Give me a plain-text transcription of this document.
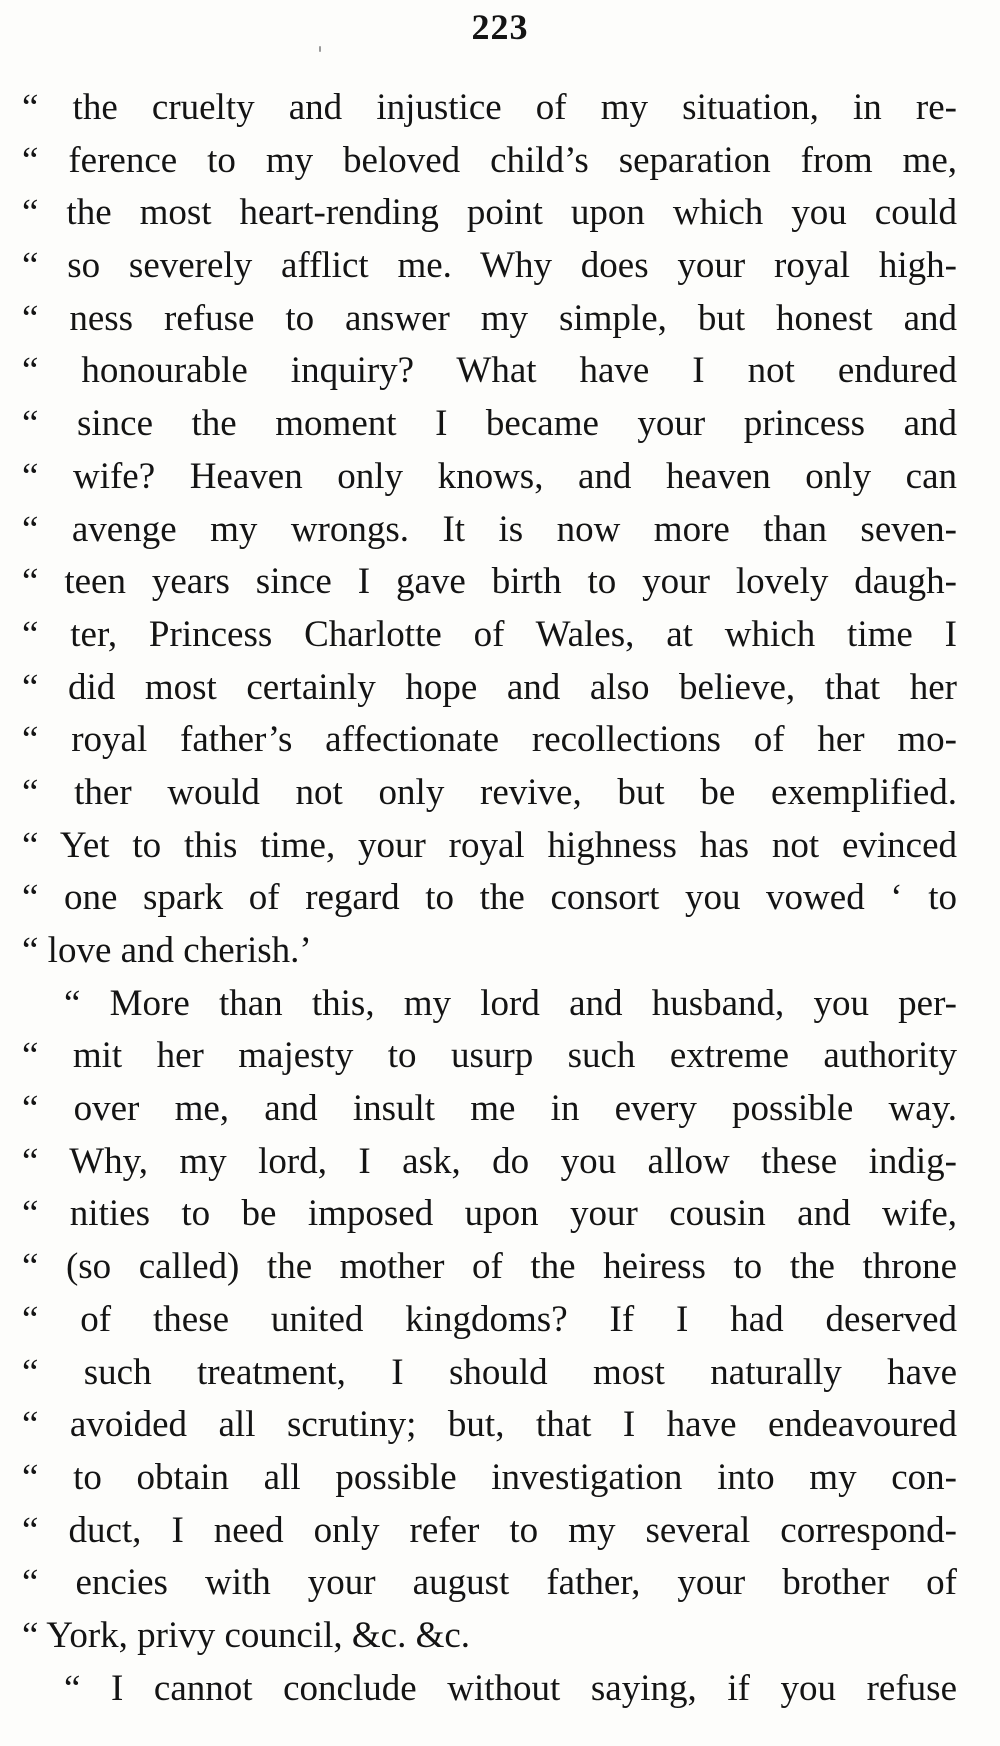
223
“ the cruelty and injustice of my situation, in re-
“ ference to my beloved child’s separation from me,
“ the most heart-rending point upon which you could
“ so severely afflict me. Why does your royal high-
“ ness refuse to answer my simple, but honest and
“ honourable inquiry? What have I not endured
“ since the moment I became your princess and
“ wife? Heaven only knows, and heaven only can
“ avenge my wrongs. It is now more than seven-
“ teen years since I gave birth to your lovely daugh-
“ ter, Princess Charlotte of Wales, at which time I
“ did most certainly hope and also believe, that her
“ royal father’s affectionate recollections of her mo-
“ ther would not only revive, but be exemplified.
“ Yet to this time, your royal highness has not evinced
“ one spark of regard to the consort you vowed ‘ to
“ love and cherish.’
“ More than this, my lord and husband, you per-
“ mit her majesty to usurp such extreme authority
“ over me, and insult me in every possible way.
“ Why, my lord, I ask, do you allow these indig-
“ nities to be imposed upon your cousin and wife,
“ (so called) the mother of the heiress to the throne
“ of these united kingdoms? If I had deserved
“ such treatment, I should most naturally have
“ avoided all scrutiny; but, that I have endeavoured
“ to obtain all possible investigation into my con-
“ duct, I need only refer to my several correspond-
“ encies with your august father, your brother of
“ York, privy council, &c. &c.
“ I cannot conclude without saying, if you refuse
